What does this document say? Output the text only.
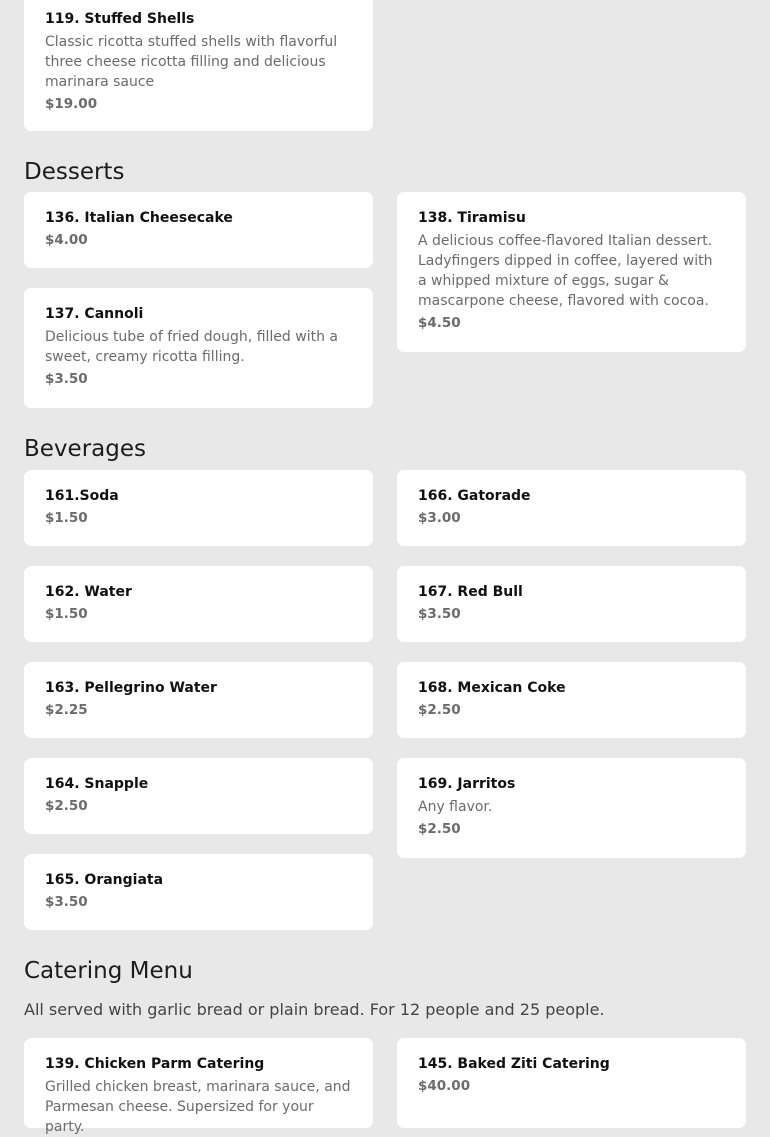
119. Stuffed Shells
Classic ricotta stuffed shells with flavorful three cheese ricotta filling and delicious marinara sauce
$19.00
Desserts
136. Italian Cheesecake
$4.00
138. Tiramisu
A delicious coffee-flavored Italian dessert. Ladyfingers dipped in coffee, layered with a whipped mixture of eggs, sugar & mascarpone cheese, flavored with cocoa.
$4.50
137. Cannoli
Delicious tube of fried dough, filled with a sweet, creamy ricotta filling.
$3.50
Beverages
161.Soda
$1.50
166. Gatorade
$3.00
162. Water
$1.50
167. Red Bull
$3.50
163. Pellegrino Water
$2.25
168. Mexican Coke
$2.50
164. Snapple
$2.50
169. Jarritos
Any flavor.
$2.50
165. Orangiata
$3.50
Catering Menu
All served with garlic bread or plain bread. For 12 people and 25 people.
139. Chicken Parm Catering
Grilled chicken breast, marinara sauce, and Parmesan cheese. Supersized for your party.
145. Baked Ziti Catering
$40.00
